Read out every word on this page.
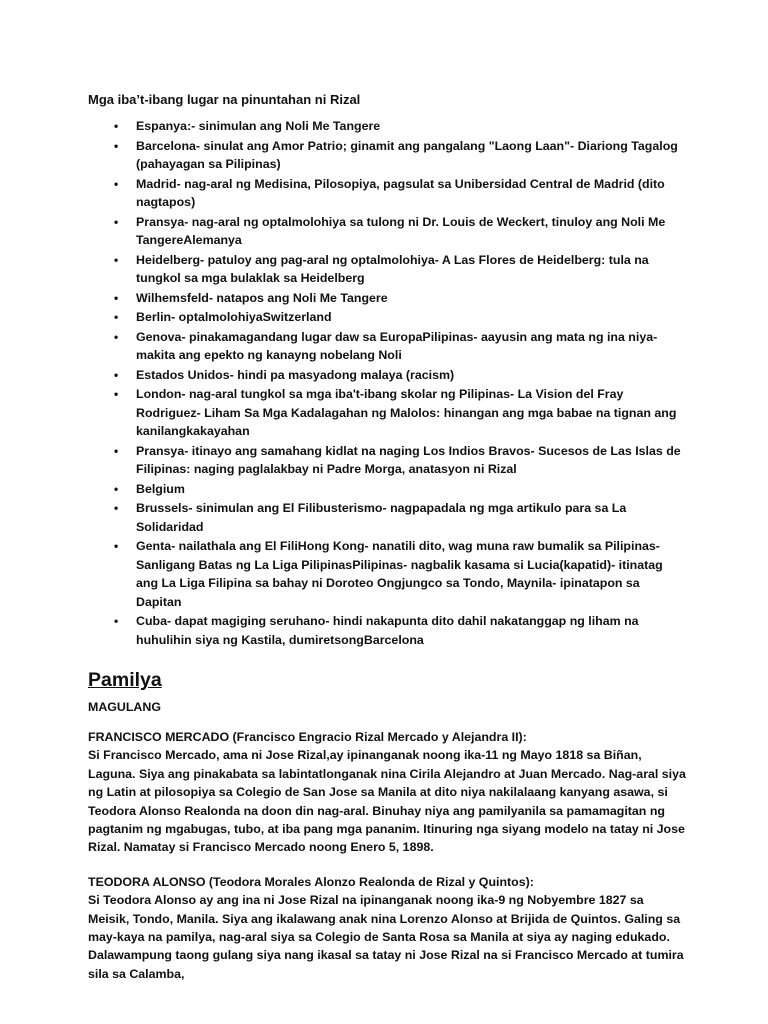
Mga iba’t-ibang lugar na pinuntahan ni Rizal
• Espanya:- sinimulan ang Noli Me Tangere
• Barcelona- sinulat ang Amor Patrio; ginamit ang pangalang "Laong Laan"- Diariong Tagalog (pahayagan sa Pilipinas)
• Madrid- nag-aral ng Medisina, Pilosopiya, pagsulat sa Unibersidad Central de Madrid (dito nagtapos)
• Pransya- nag-aral ng optalmolohiya sa tulong ni Dr. Louis de Weckert, tinuloy ang Noli Me TangereAlemanya
• Heidelberg- patuloy ang pag-aral ng optalmolohiya- A Las Flores de Heidelberg: tula na tungkol sa mga bulaklak sa Heidelberg
• Wilhemsfeld- natapos ang Noli Me Tangere
• Berlin- optalmolohiyaSwitzerland
• Genova- pinakamagandang lugar daw sa EuropaPilipinas- aayusin ang mata ng ina niya- makita ang epekto ng kanayng nobelang Noli
• Estados Unidos- hindi pa masyadong malaya (racism)
• London- nag-aral tungkol sa mga iba't-ibang skolar ng Pilipinas- La Vision del Fray Rodriguez- Liham Sa Mga Kadalagahan ng Malolos: hinangan ang mga babae na tignan ang kanilangkakayahan
• Pransya- itinayo ang samahang kidlat na naging Los Indios Bravos- Sucesos de Las Islas de Filipinas: naging paglalakbay ni Padre Morga, anatasyon ni Rizal
• Belgium
• Brussels- sinimulan ang El Filibusterismo- nagpapadala ng mga artikulo para sa La Solidaridad
• Genta- nailathala ang El FiliHong Kong- nanatili dito, wag muna raw bumalik sa Pilipinas- Sanligang Batas ng La Liga PilipinasPilipinas- nagbalik kasama si Lucia(kapatid)- itinatag ang La Liga Filipina sa bahay ni Doroteo Ongjungco sa Tondo, Maynila- ipinatapon sa Dapitan
• Cuba- dapat magiging seruhano- hindi nakapunta dito dahil nakatanggap ng liham na huhulihin siya ng Kastila, dumiretsongBarcelona
Pamilya
MAGULANG
FRANCISCO MERCADO (Francisco Engracio Rizal Mercado y Alejandra II):
Si Francisco Mercado, ama ni Jose Rizal,ay ipinanganak noong ika-11 ng Mayo 1818 sa Biñan, Laguna. Siya ang pinakabata sa labintatlonganak nina Cirila Alejandro at Juan Mercado. Nag-aral siya ng Latin at pilosopiya sa Colegio de San Jose sa Manila at dito niya nakilalaang kanyang asawa, si Teodora Alonso Realonda na doon din nag-aral. Binuhay niya ang pamilyanila sa pamamagitan ng pagtanim ng mgabugas, tubo, at iba pang mga pananim. Itinuring nga siyang modelo na tatay ni Jose Rizal. Namatay si Francisco Mercado noong Enero 5, 1898.
TEODORA ALONSO (Teodora Morales Alonzo Realonda de Rizal y Quintos):
Si Teodora Alonso ay ang ina ni Jose Rizal na ipinanganak noong ika-9 ng Nobyembre 1827 sa Meisik, Tondo, Manila. Siya ang ikalawang anak nina Lorenzo Alonso at Brijida de Quintos. Galing sa may-kaya na pamilya, nag-aral siya sa Colegio de Santa Rosa sa Manila at siya ay naging edukado. Dalawampung taong gulang siya nang ikasal sa tatay ni Jose Rizal na si Francisco Mercado at tumira sila sa Calamba,
